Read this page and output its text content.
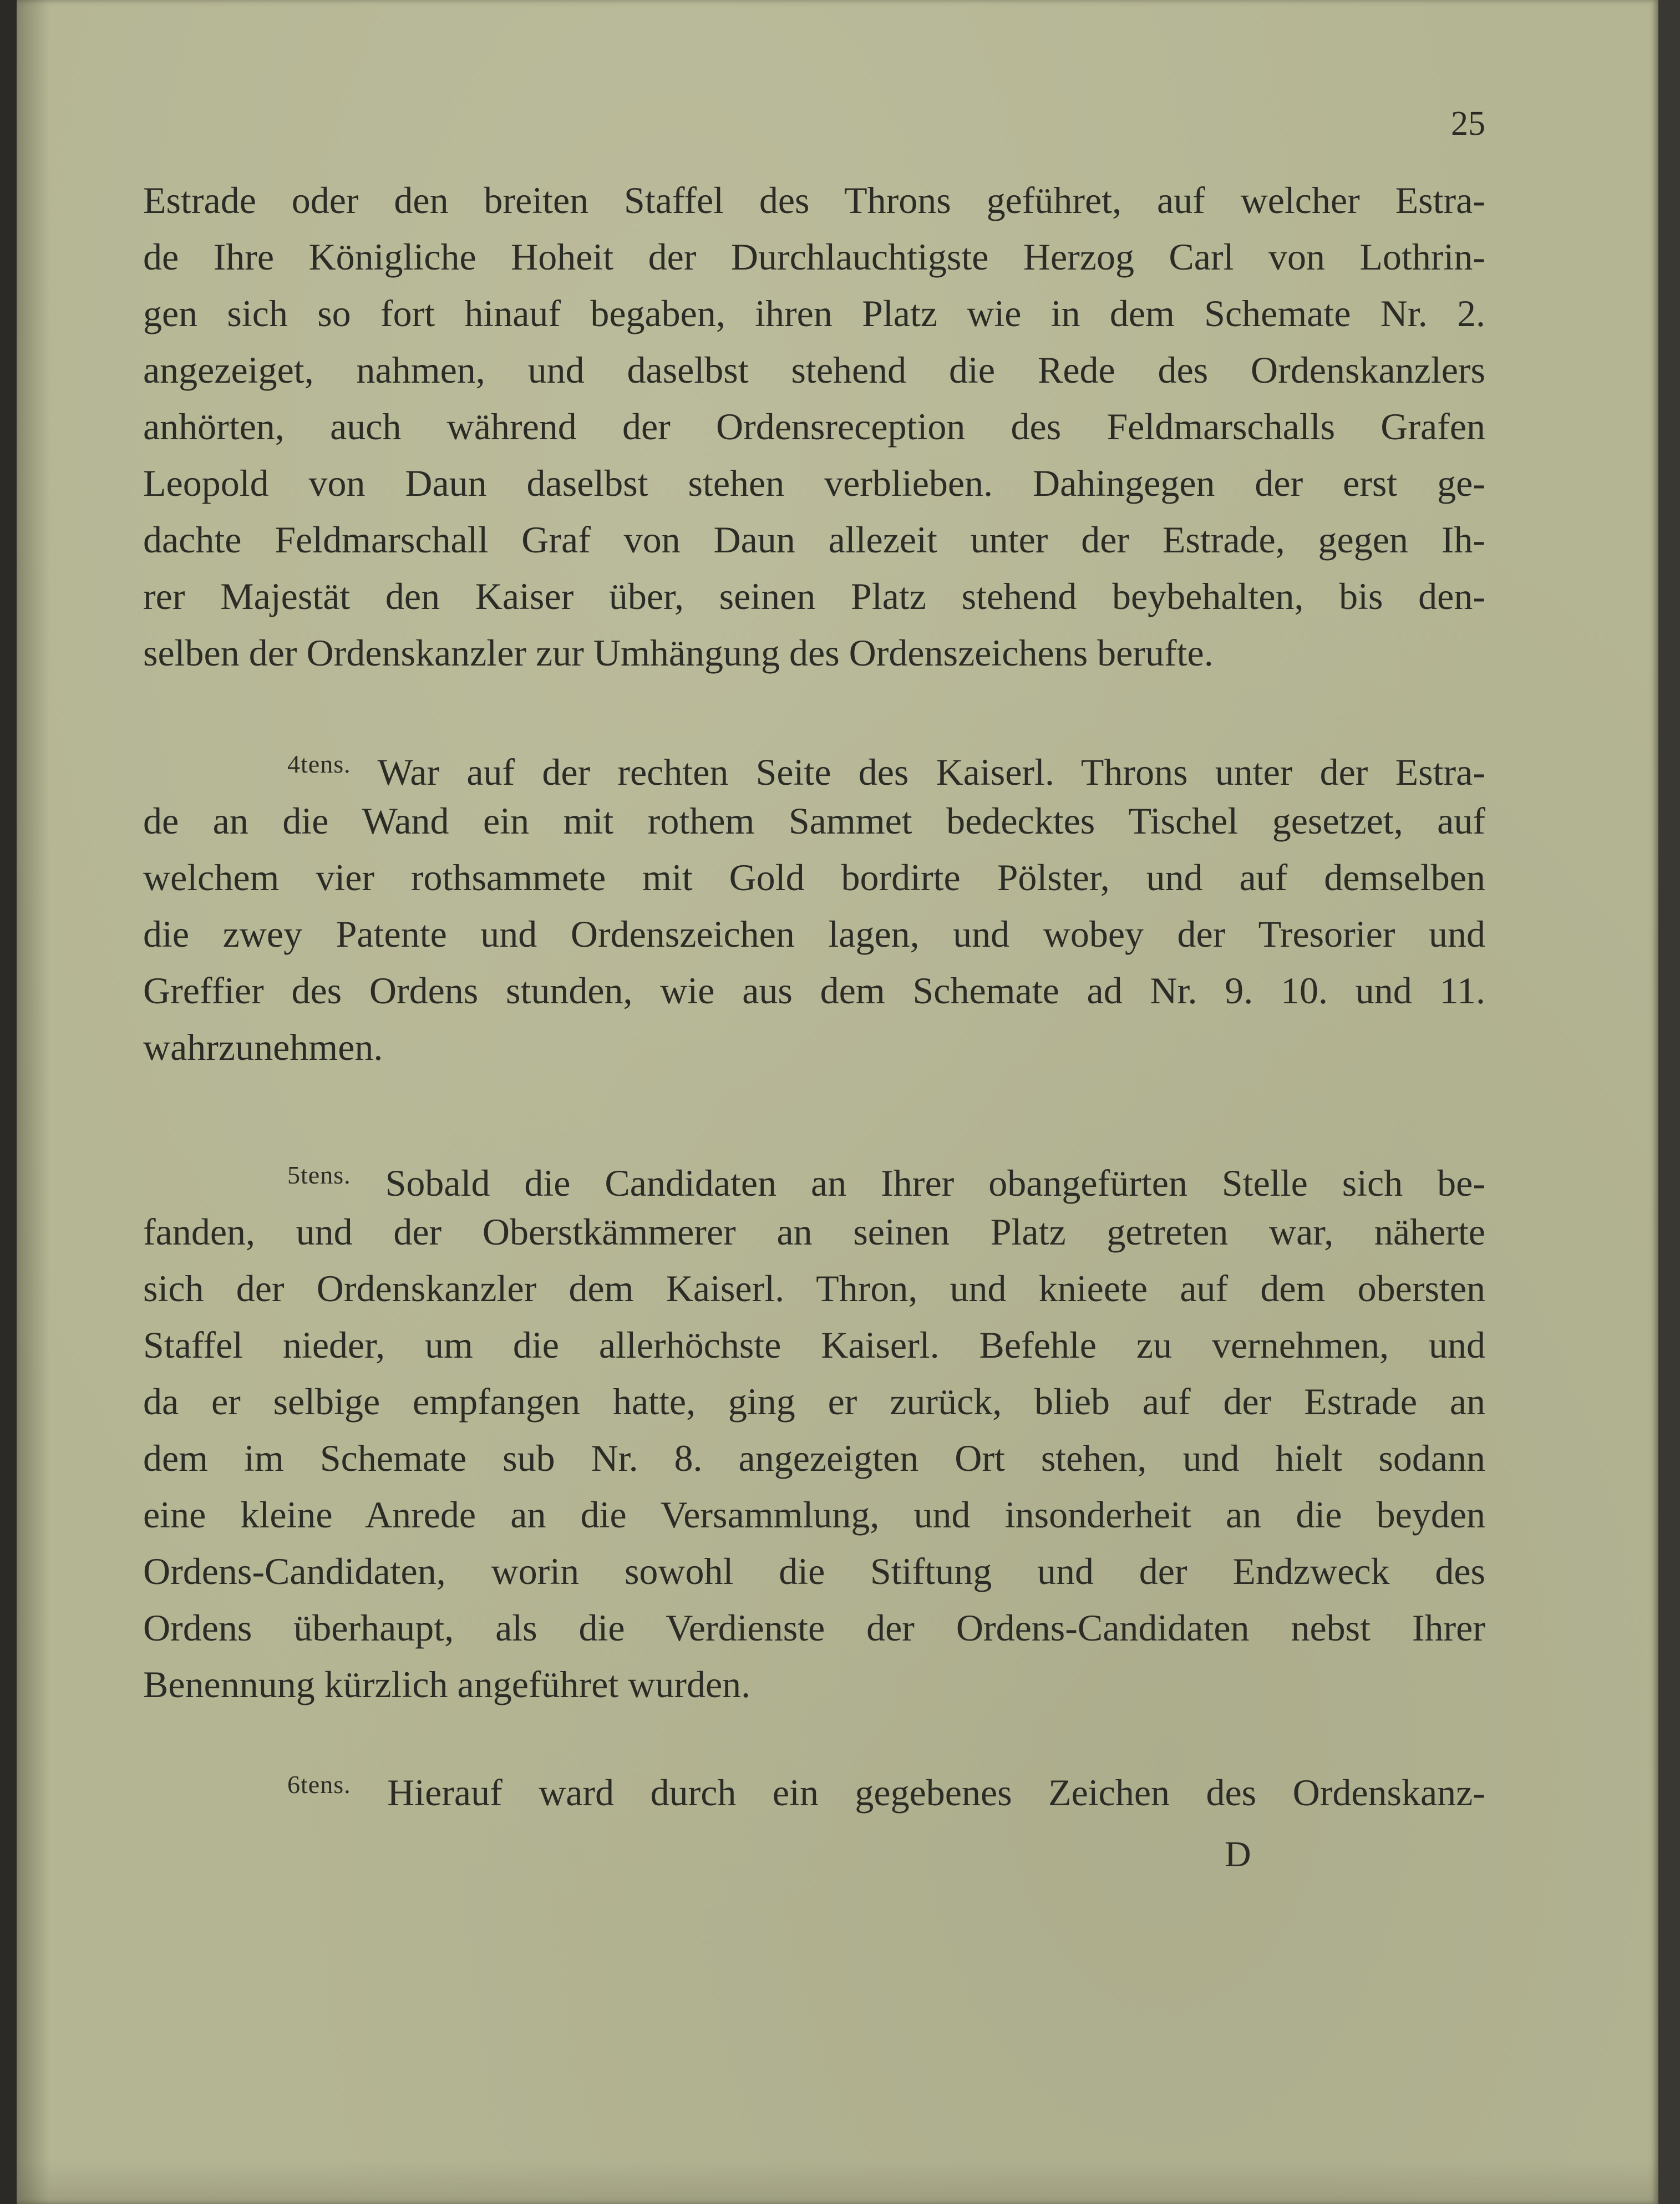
25
Estrade oder den breiten Staffel des Throns geführet, auf welcher Estra-
de Ihre Königliche Hoheit der Durchlauchtigste Herzog Carl von Lothrin-
gen sich so fort hinauf begaben, ihren Platz wie in dem Schemate Nr. 2.
angezeiget, nahmen, und daselbst stehend die Rede des Ordenskanzlers
anhörten, auch während der Ordensreception des Feldmarschalls Grafen
Leopold von Daun daselbst stehen verblieben. Dahingegen der erst ge-
dachte Feldmarschall Graf von Daun allezeit unter der Estrade, gegen Ih-
rer Majestät den Kaiser über, seinen Platz stehend beybehalten, bis den-
selben der Ordenskanzler zur Umhängung des Ordenszeichens berufte.
$^{4tens.}$ War auf der rechten Seite des Kaiserl. Throns unter der Estra-
de an die Wand ein mit rothem Sammet bedecktes Tischel gesetzet, auf
welchem vier rothsammete mit Gold bordirte Pölster, und auf demselben
die zwey Patente und Ordenszeichen lagen, und wobey der Tresorier und
Greffier des Ordens stunden, wie aus dem Schemate ad Nr. 9. 10. und 11.
wahrzunehmen.
$^{5tens.}$ Sobald die Candidaten an Ihrer obangefürten Stelle sich be-
fanden, und der Oberstkämmerer an seinen Platz getreten war, näherte
sich der Ordenskanzler dem Kaiserl. Thron, und knieete auf dem obersten
Staffel nieder, um die allerhöchste Kaiserl. Befehle zu vernehmen, und
da er selbige empfangen hatte, ging er zurück, blieb auf der Estrade an
dem im Schemate sub Nr. 8. angezeigten Ort stehen, und hielt sodann
eine kleine Anrede an die Versammlung, und insonderheit an die beyden
Ordens-Candidaten, worin sowohl die Stiftung und der Endzweck des
Ordens überhaupt, als die Verdienste der Ordens-Candidaten nebst Ihrer
Benennung kürzlich angeführet wurden.
$^{6tens.}$ Hierauf ward durch ein gegebenes Zeichen des Ordenskanz-
D
